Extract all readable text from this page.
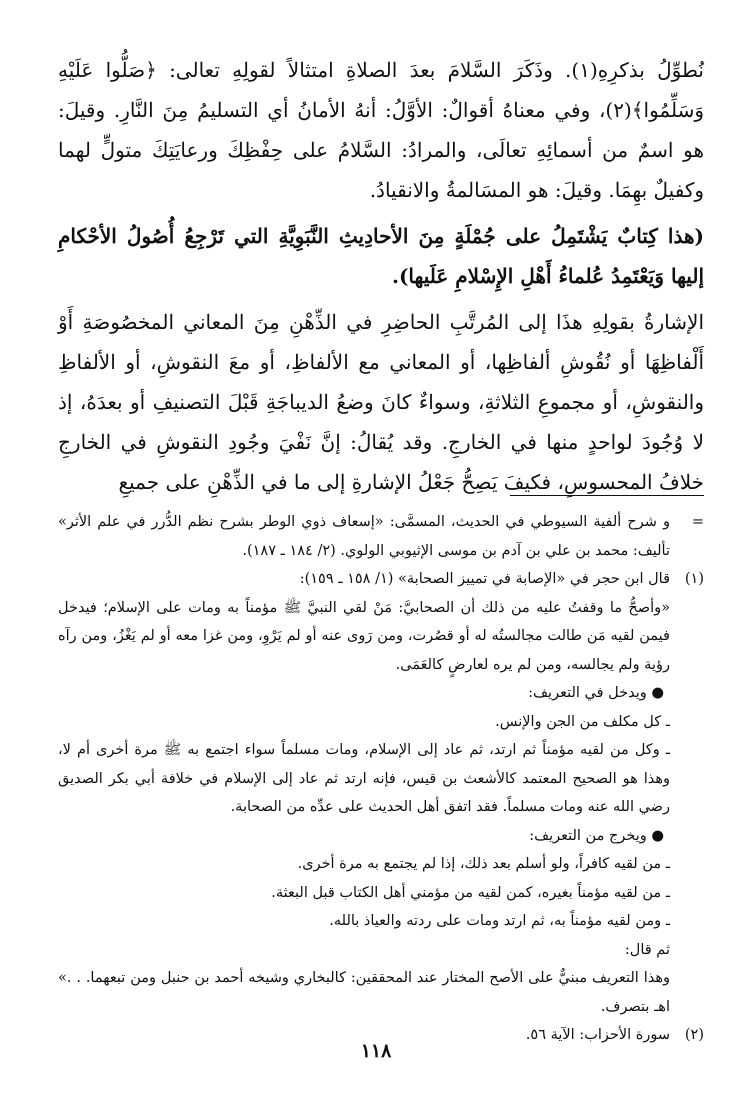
نُطوِّلُ بذكرِهِ(١). وذَكَرَ السَّلامَ بعدَ الصلاةِ امتثالاً لقولِهِ تعالى: ﴿صَلُّوا عَلَيْهِ وَسَلِّمُوا﴾(٢)، وفي معناهُ أقوالٌ: الأوَّلُ: أنهُ الأمانُ أي التسليمُ مِنَ النَّارِ. وقيلَ: هو اسمٌ من أسمائِهِ تعالَى، والمرادُ: السَّلامُ على حِفْظِكَ ورعايَتِكَ متولٍّ لهما وكفيلٌ بهِمَا. وقيلَ: هو المسَالمةُ والانقيادُ.

(هذا كِتابٌ يَشْتَمِلُ على جُمْلَةٍ مِنَ الأحادِيثِ النَّبَوِيَّةِ التي تَرْجِعُ أُصُولُ الأحْكامِ إليها وَيَعْتَمِدُ عُلماءُ أَهْلِ الإِسْلامِ عَلَيها).

الإشارةُ بقولِهِ هذَا إلى المُرتَّبِ الحاضِرِ في الذِّهْنِ مِنَ المعاني المخصُوصَةِ أَوْ أَلْفاظِهَا أو نُقُوشِ ألفاظِها، أو المعاني مع الألفاظِ، أو معَ النقوشِ، أو الألفاظِ والنقوشِ، أو مجموعِ الثلاثةِ، وسواءٌ كانَ وضعُ الديباجَةِ قَبْلَ التصنيفِ أو بعدَهُ، إذ لا وُجُودَ لواحدٍ منها في الخارجِ. وقد يُقالُ: إنَّ نَفْيَ وجُودِ النقوشِ في الخارجِ خلافُ المحسوسِ، فكيفَ يَصِحُّ جَعْلُ الإشارةِ إلى ما في الذِّهْنِ على جميعِ

=

و شرح ألفية السيوطي في الحديث، المسمَّى: «إسعاف ذوي الوطر بشرح نظم الدُّرر في علم الأثر» تأليف: محمد بن علي بن آدم بن موسى الإثيوبي الولوي. (٢/ ١٨٤ ـ ١٨٧).

(١)

قال ابن حجر في «الإصابة في تمييز الصحابة» (١/ ١٥٨ ـ ١٥٩):

«وأصحُّ ما وقفتُ عليه من ذلك أن الصحابيَّ: مَنْ لقي النبيَّ ﷺ مؤمناً به ومات على الإسلام؛ فيدخل فيمن لقيه مَن طالت مجالستُه له أو قصُرت، ومن رَوى عنه أو لم يَرْوِ، ومن غزا معه أو لم يَغْزُ، ومن رآه رؤية ولم يجالسه، ومن لم يره لعارضٍ كالعَمَى.

● ويدخل في التعريف:

ـ كل مكلف من الجن والإنس.

ـ وكل من لقيه مؤمناً ثم ارتد، ثم عاد إلى الإسلام، ومات مسلماً سواء اجتمع به ﷺ مرة أخرى أم لا، وهذا هو الصحيح المعتمد كالأشعث بن قيس، فإنه ارتد ثم عاد إلى الإسلام في خلافة أبي بكر الصديق رضي الله عنه ومات مسلماً. فقد اتفق أهل الحديث على عدِّه من الصحابة.

● ويخرج من التعريف:

ـ من لقيه كافراً، ولو أسلم بعد ذلك، إذا لم يجتمع به مرة أخرى.

ـ من لقيه مؤمناً بغيره، كمن لقيه من مؤمني أهل الكتاب قبل البعثة.

ـ ومن لقيه مؤمناً به، ثم ارتد ومات على ردته والعياذ بالله.

ثم قال:

وهذا التعريف مبنيٌّ على الأصح المختار عند المحققين: كالبخاري وشيخه أحمد بن حنبل ومن تبعهما. . .» اهـ بتصرف.

(٢)

سورة الأحزاب: الآية ٥٦.

١١٨
